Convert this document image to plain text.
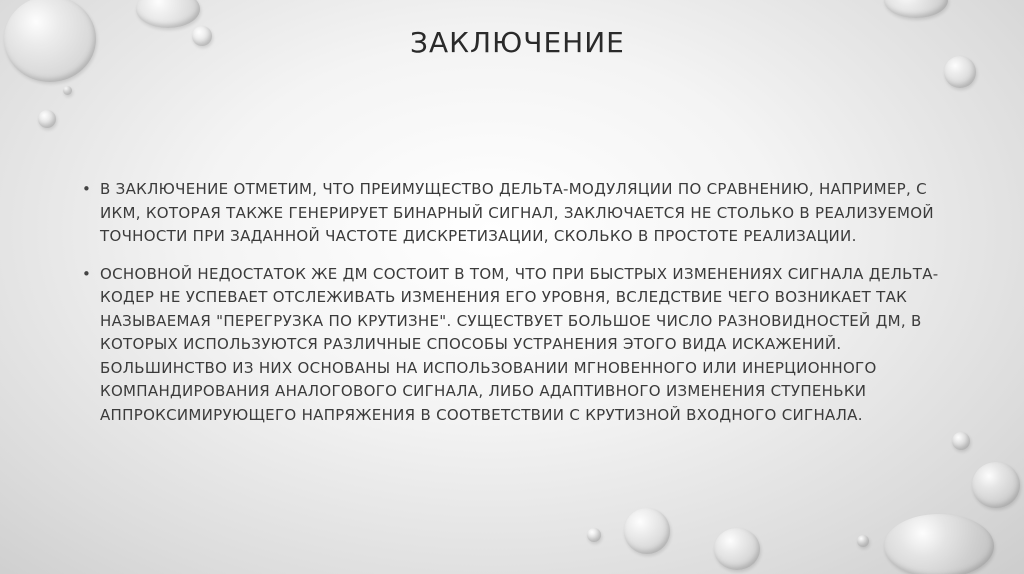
ЗАКЛЮЧЕНИЕ
• В ЗАКЛЮЧЕНИЕ ОТМЕТИМ, ЧТО ПРЕИМУЩЕСТВО ДЕЛЬТА-МОДУЛЯЦИИ ПО СРАВНЕНИЮ, НАПРИМЕР, С ИКМ, КОТОРАЯ ТАКЖЕ ГЕНЕРИРУЕТ БИНАРНЫЙ СИГНАЛ, ЗАКЛЮЧАЕТСЯ НЕ СТОЛЬКО В РЕАЛИЗУЕМОЙ ТОЧНОСТИ ПРИ ЗАДАННОЙ ЧАСТОТЕ ДИСКРЕТИЗАЦИИ, СКОЛЬКО В ПРОСТОТЕ РЕАЛИЗАЦИИ.
• ОСНОВНОЙ НЕДОСТАТОК ЖЕ ДМ СОСТОИТ В ТОМ, ЧТО ПРИ БЫСТРЫХ ИЗМЕНЕНИЯХ СИГНАЛА ДЕЛЬТА-КОДЕР НЕ УСПЕВАЕТ ОТСЛЕЖИВАТЬ ИЗМЕНЕНИЯ ЕГО УРОВНЯ, ВСЛЕДСТВИЕ ЧЕГО ВОЗНИКАЕТ ТАК НАЗЫВАЕМАЯ "ПЕРЕГРУЗКА ПО КРУТИЗНЕ". СУЩЕСТВУЕТ БОЛЬШОЕ ЧИСЛО РАЗНОВИДНОСТЕЙ ДМ, В КОТОРЫХ ИСПОЛЬЗУЮТСЯ РАЗЛИЧНЫЕ СПОСОБЫ УСТРАНЕНИЯ ЭТОГО ВИДА ИСКАЖЕНИЙ. БОЛЬШИНСТВО ИЗ НИХ ОСНОВАНЫ НА ИСПОЛЬЗОВАНИИ МГНОВЕННОГО ИЛИ ИНЕРЦИОННОГО КОМПАНДИРОВАНИЯ АНАЛОГОВОГО СИГНАЛА, ЛИБО АДАПТИВНОГО ИЗМЕНЕНИЯ СТУПЕНЬКИ АППРОКСИМИРУЮЩЕГО НАПРЯЖЕНИЯ В СООТВЕТСТВИИ С КРУТИЗНОЙ ВХОДНОГО СИГНАЛА.
